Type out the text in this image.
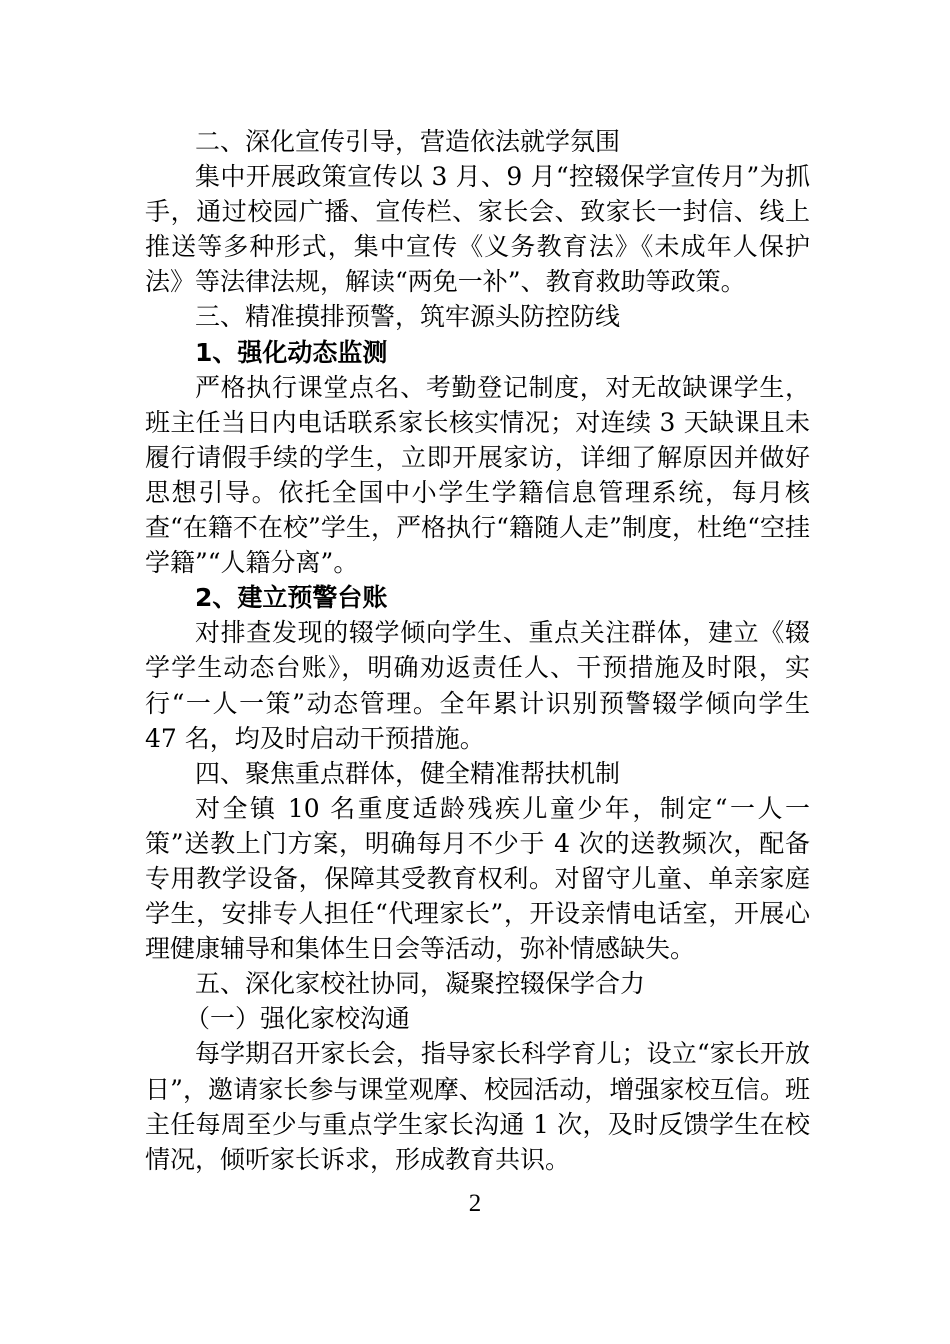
二、深化宣传引导，营造依法就学氛围

集中开展政策宣传以 3 月、9 月“控辍保学宣传月”为抓手，通过校园广播、宣传栏、家长会、致家长一封信、线上推送等多种形式，集中宣传《义务教育法》《未成年人保护法》等法律法规，解读“两免一补”、教育救助等政策。

三、精准摸排预警，筑牢源头防控防线

1、强化动态监测

严格执行课堂点名、考勤登记制度，对无故缺课学生，班主任当日内电话联系家长核实情况；对连续 3 天缺课且未履行请假手续的学生，立即开展家访，详细了解原因并做好思想引导。依托全国中小学生学籍信息管理系统，每月核查“在籍不在校”学生，严格执行“籍随人走”制度，杜绝“空挂学籍”“人籍分离”。

2、建立预警台账

对排查发现的辍学倾向学生、重点关注群体，建立《辍学学生动态台账》，明确劝返责任人、干预措施及时限，实行“一人一策”动态管理。全年累计识别预警辍学倾向学生 47 名，均及时启动干预措施。

四、聚焦重点群体，健全精准帮扶机制

对全镇 10 名重度适龄残疾儿童少年，制定“一人一策”送教上门方案，明确每月不少于 4 次的送教频次，配备专用教学设备，保障其受教育权利。对留守儿童、单亲家庭学生，安排专人担任“代理家长”，开设亲情电话室，开展心理健康辅导和集体生日会等活动，弥补情感缺失。

五、深化家校社协同，凝聚控辍保学合力

（一）强化家校沟通

每学期召开家长会，指导家长科学育儿；设立“家长开放日”，邀请家长参与课堂观摩、校园活动，增强家校互信。班主任每周至少与重点学生家长沟通 1 次，及时反馈学生在校情况，倾听家长诉求，形成教育共识。

2
